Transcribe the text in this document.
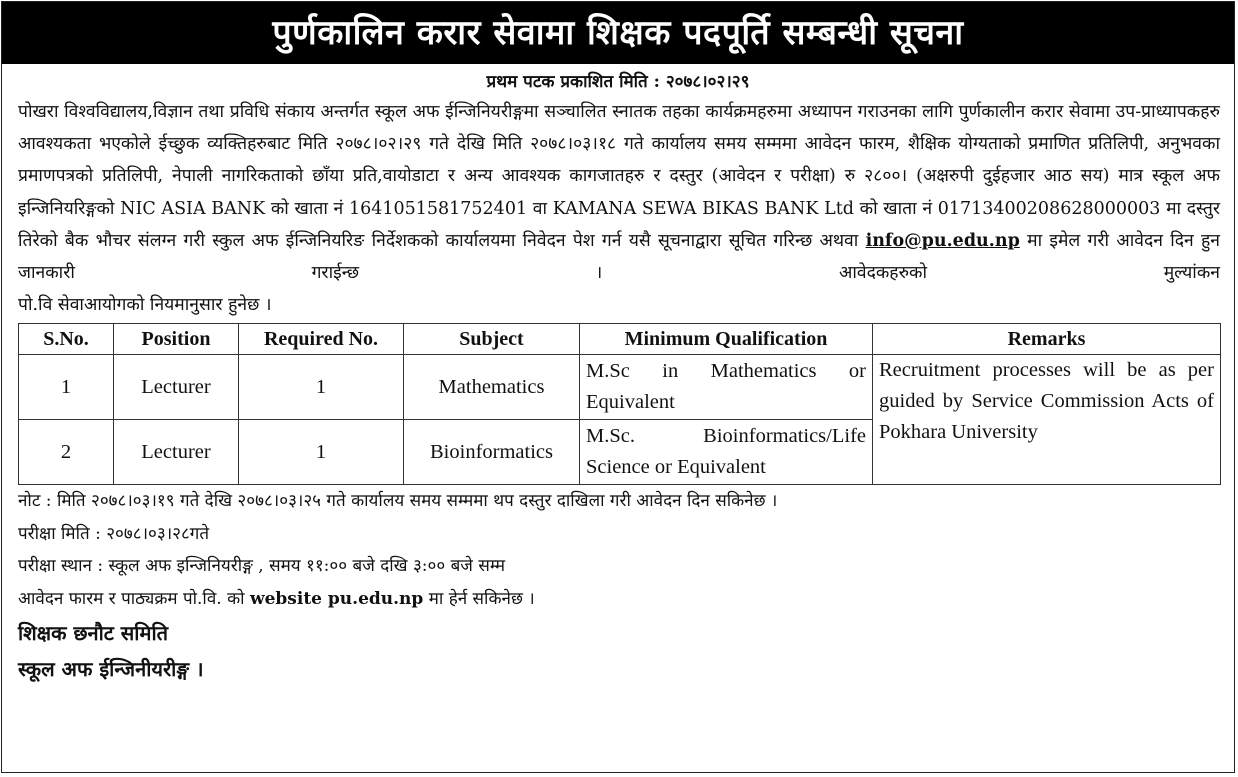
पुर्णकालिन करार सेवामा शिक्षक पदपूर्ति सम्बन्धी सूचना
प्रथम पटक प्रकाशित मिति : २०७८।०२।२९
पोखरा विश्वविद्यालय,विज्ञान तथा प्रविधि संकाय अन्तर्गत स्कूल अफ ईन्जिनियरीङ्गमा सञ्चालित स्नातक तहका कार्यक्रमहरुमा अध्यापन गराउनका लागि पुर्णकालीन करार सेवामा उप-प्राध्यापकहरु आवश्यकता भएकोले ईच्छुक व्यक्तिहरुबाट मिति २०७८।०२।२९ गते देखि मिति २०७८।०३।१८ गते कार्यालय समय सम्ममा आवेदन फारम, शैक्षिक योग्यताको प्रमाणित प्रतिलिपी, अनुभवका प्रमाणपत्रको प्रतिलिपी, नेपाली नागरिकताको छाँया प्रति,वायोडाटा र अन्य आवश्यक कागजातहरु र दस्तुर (आवेदन र परीक्षा) रु २८००। (अक्षरुपी दुईहजार आठ सय) मात्र स्कूल अफ इन्जिनियरिङ्गको NIC ASIA BANK को खाता नं 1641051581752401 वा KAMANA SEWA BIKAS BANK Ltd को खाता नं 01713400208628000003 मा दस्तुर तिरेको बैक भौचर संलग्न गरी स्कुल अफ ईन्जिनियरिङ निर्देशकको कार्यालयमा निवेदन पेश गर्न यसै सूचनाद्वारा सूचित गरिन्छ अथवा info@pu.edu.np मा इमेल गरी आवेदन दिन हुन जानकारी गराईन्छ । आवेदकहरुको मुल्यांकन
पो.वि सेवाआयोगको नियमानुसार हुनेछ ।
S.No.	Position	Required No.	Subject	Minimum Qualification	Remarks
1	Lecturer	1	Mathematics	M.Sc in Mathematics or Equivalent	Recruitment processes will be as per guided by Service Commission Acts of Pokhara University
2	Lecturer	1	Bioinformatics	M.Sc. Bioinformatics/Life Science or Equivalent	
नोट : मिति २०७८।०३।१९ गते देखि २०७८।०३।२५ गते कार्यालय समय सम्ममा थप दस्तुर दाखिला गरी आवेदन दिन सकिनेछ ।
परीक्षा मिति : २०७८।०३।२८गते
परीक्षा स्थान : स्कूल अफ इन्जिनियरीङ्ग , समय ११:०० बजे दखि ३:०० बजे सम्म
आवेदन फारम र पाठ्यक्रम पो.वि. को website pu.edu.np मा हेर्न सकिनेछ ।
शिक्षक छनौट समिति
स्कूल अफ ईन्जिनीयरीङ्ग ।
